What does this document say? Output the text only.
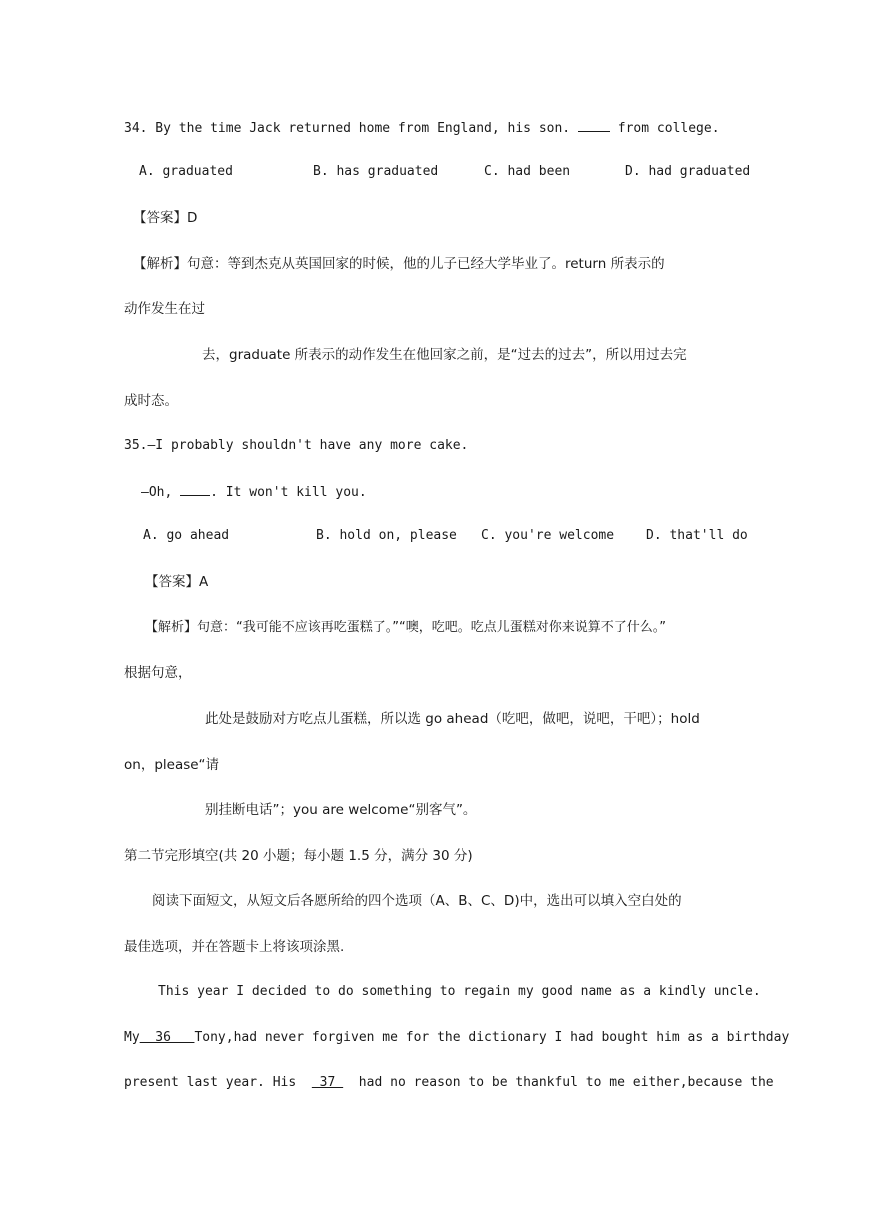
34. By the time Jack returned home from England, his son.  from college.
A. graduated	B. has graduated	C. had been	D. had graduated
【答案】D
【解析】句意：等到杰克从英国回家的时候，他的儿子已经大学毕业了。return 所表示的
动作发生在过
去，graduate 所表示的动作发生在他回家之前，是“过去的过去”，所以用过去完
成时态。
35.—I probably shouldn't have any more cake.
—Oh, . It won't kill you.
A. go ahead	B. hold on, please C. you're welcome D. that'll do
【答案】A
【解析】句意：“我可能不应该再吃蛋糕了。”“噢，吃吧。吃点儿蛋糕对你来说算不了什么。”
根据句意，
此处是鼓励对方吃点儿蛋糕，所以选 go ahead（吃吧，做吧，说吧，干吧）；hold
on，please“请
别挂断电话”；you are welcome“别客气”。
第二节完形填空(共 20 小题；每小题 1.5 分，满分 30 分)
阅读下面短文，从短文后各愿所给的四个选项（A、B、C、D)中，选出可以填入空白处的
最佳选项，并在答题卡上将该项涂黑.
This year I decided to do something to regain my good name as a kindly uncle.
My  36   Tony,had never forgiven me for the dictionary I had bought him as a birthday
present last year. His   37   had no reason to be thankful to me either,because the
